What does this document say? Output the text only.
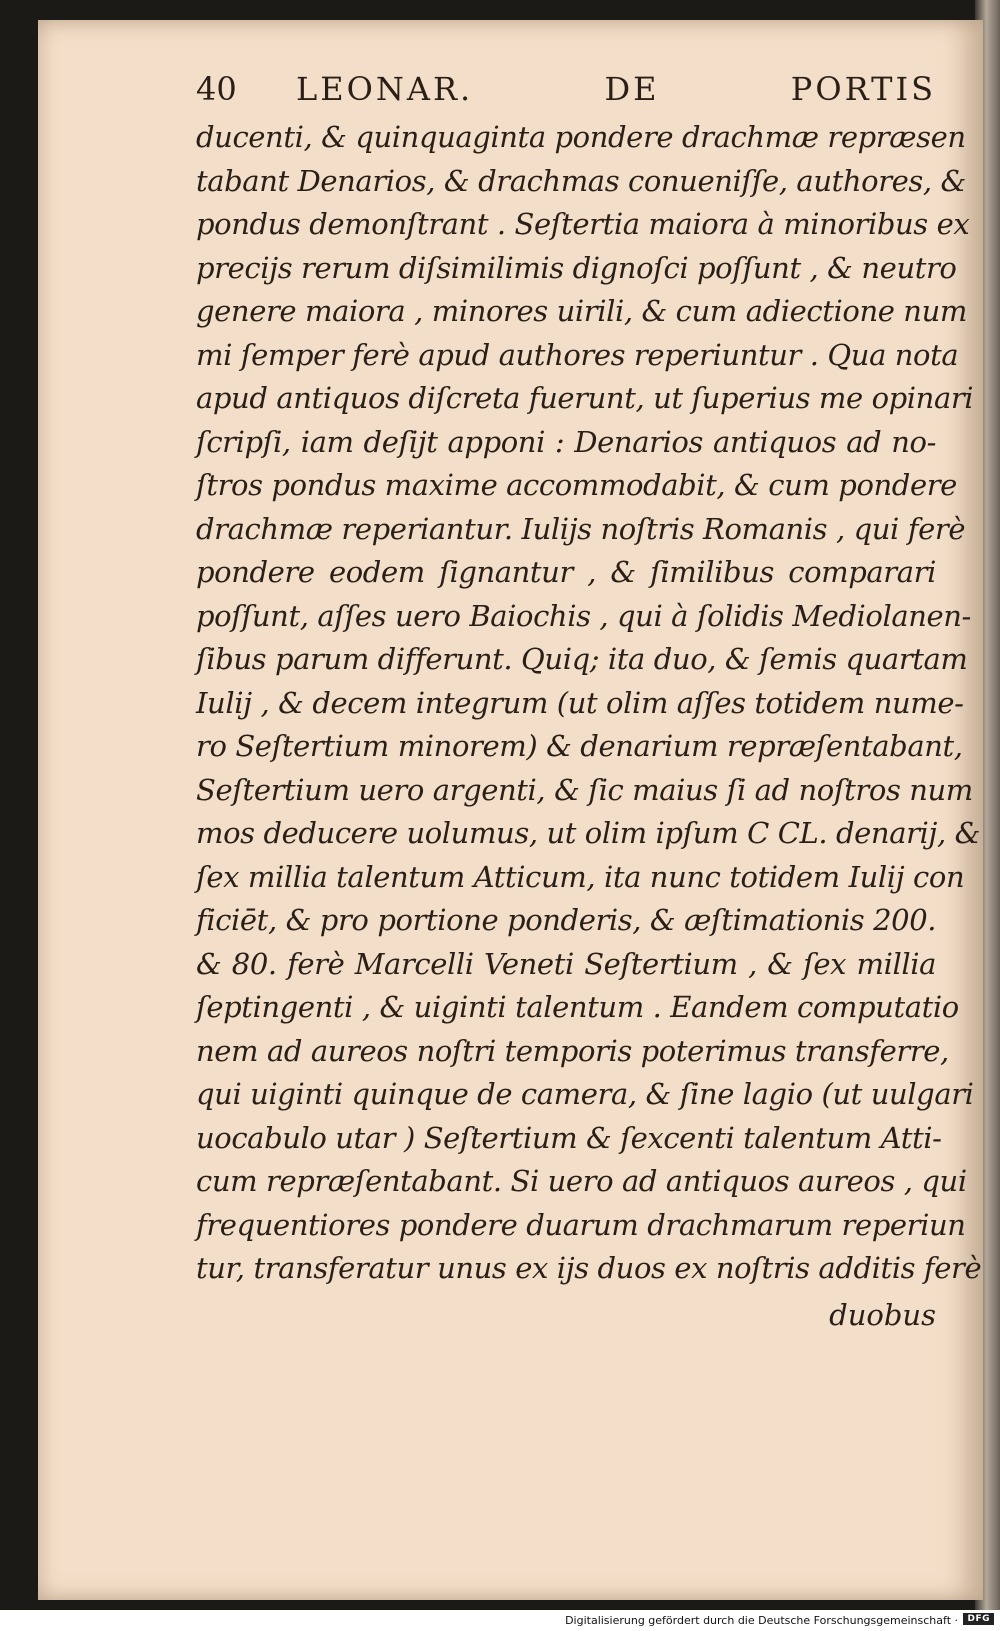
40	LEONAR.	DE	PORTIS
ducenti, & quinquaginta pondere drachmæ repræsen
tabant Denarios, & drachmas conueniſſe, authores, &
pondus demonſtrant . Seſtertia maiora à minoribus ex
precijs rerum diſsimilimis dignoſci poſſunt , & neutro
genere maiora , minores uirili, & cum adiectione num
mi ſemper ferè apud authores reperiuntur . Qua nota
apud antiquos diſcreta fuerunt, ut ſuperius me opinari
ſcripſi, iam deſijt apponi : Denarios antiquos ad no-
ſtros pondus maxime accommodabit, & cum pondere
drachmæ reperiantur. Iulijs noſtris Romanis , qui ferè
pondere eodem ſignantur , & ſimilibus comparari
poſſunt, aſſes uero Baiochis , qui à ſolidis Mediolanen-
ſibus parum differunt. Quiq; ita duo, & ſemis quartam
Iulij , & decem integrum (ut olim aſſes totidem nume-
ro Seſtertium minorem) & denarium repræſentabant,
Seſtertium uero argenti, & ſic maius ſi ad noſtros num
mos deducere uolumus, ut olim ipſum C CL. denarij, &
ſex millia talentum Atticum, ita nunc totidem Iulij con
ficiēt, & pro portione ponderis, & æſtimationis 200.
& 80. ferè Marcelli Veneti Seſtertium , & ſex millia
ſeptingenti , & uiginti talentum . Eandem computatio
nem ad aureos noſtri temporis poterimus transferre,
qui uiginti quinque de camera, & ſine lagio (ut uulgari
uocabulo utar ) Seſtertium & ſexcenti talentum Atti-
cum repræſentabant. Si uero ad antiquos aureos , qui
frequentiores pondere duarum drachmarum reperiun
tur, transferatur unus ex ijs duos ex noſtris additis ferè
duobus
Digitalisierung gefördert durch die Deutsche Forschungsgemeinschaft ·	DFG
